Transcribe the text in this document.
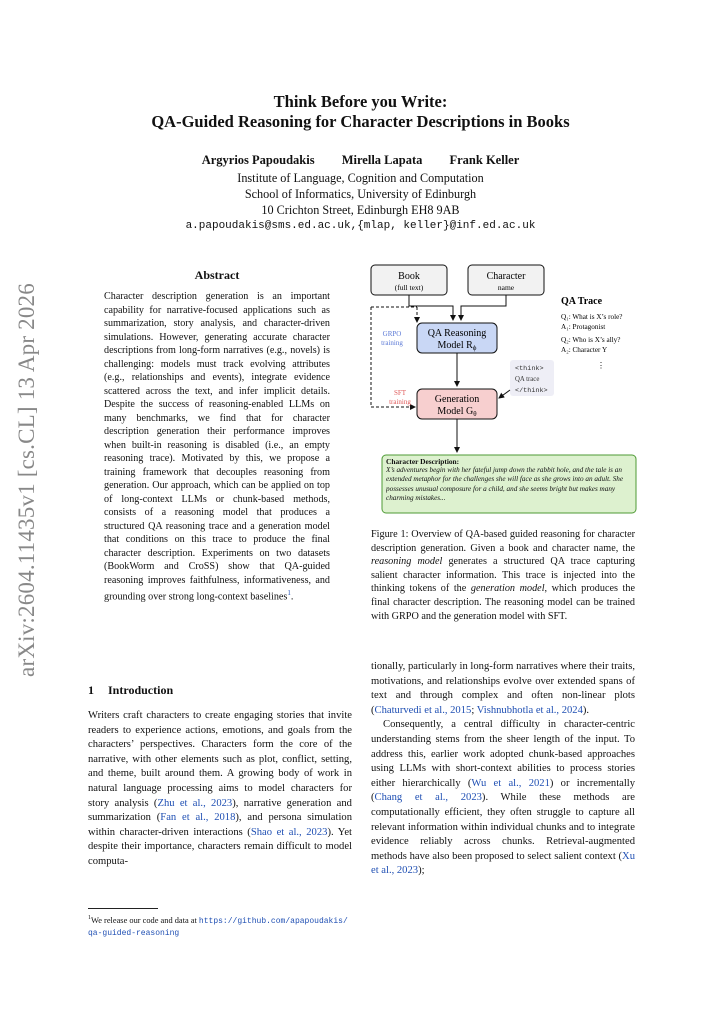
arXiv:2604.11435v1 [cs.CL] 13 Apr 2026
Think Before you Write:
QA-Guided Reasoning for Character Descriptions in Books
Argyrios Papoudakis Mirella Lapata Frank Keller
Institute of Language, Cognition and Computation
School of Informatics, University of Edinburgh
10 Crichton Street, Edinburgh EH8 9AB
a.papoudakis@sms.ed.ac.uk,{mlap, keller}@inf.ed.ac.uk
Abstract
Character description generation is an important capability for narrative-focused applications such as summarization, story analysis, and character-driven simulations. However, generating accurate character descriptions from long-form narratives (e.g., novels) is challenging: models must track evolving attributes (e.g., relationships and events), integrate evidence scattered across the text, and infer implicit details. Despite the success of reasoning-enabled LLMs on many benchmarks, we find that for character description generation their performance improves when built-in reasoning is disabled (i.e., an empty reasoning trace). Motivated by this, we propose a training framework that decouples reasoning from generation. Our approach, which can be applied on top of long-context LLMs or chunk-based methods, consists of a reasoning model that produces a structured QA reasoning trace and a generation model that conditions on this trace to produce the final character description. Experiments on two datasets (BookWorm and CroSS) show that QA-guided reasoning improves faithfulness, informativeness, and grounding over strong long-context baselines$^1$.
1 Introduction
Writers craft characters to create engaging stories that invite readers to experience actions, emotions, and goals from the characters’ perspectives. Characters form the core of the narrative, with other elements such as plot, conflict, setting, and theme, built around them. A growing body of work in natural language processing aims to model characters for story analysis (Zhu et al., 2023), narrative generation and summarization (Fan et al., 2018), and persona simulation within character-driven interactions (Shao et al., 2023). Yet despite their importance, characters remain difficult to model computa-
$^1$We release our code and data at https://github.com/apapoudakis/qa-guided-reasoning

tionally, particularly in long-form narratives where their traits, motivations, and relationships evolve over extended spans of text and through complex and often non-linear plots (Chaturvedi et al., 2015; Vishnubhotla et al., 2024).

Consequently, a central difficulty in character-centric understanding stems from the sheer length of the input. To address this, earlier work adopted chunk-based approaches using LLMs with short-context abilities to process stories either hierarchically (Wu et al., 2021) or incrementally (Chang et al., 2023). While these methods are computationally efficient, they often struggle to capture all relevant information within individual chunks and to integrate evidence reliably across chunks. Retrieval-augmented methods have also been proposed to select salient context (Xu et al., 2023);

Figure 1: Overview of QA-based guided reasoning for character description generation. Given a book and character name, the reasoning model generates a structured QA trace capturing salient character information. This trace is injected into the thinking tokens of the generation model, which produces the final character description. The reasoning model can be trained with GRPO and the generation model with SFT.
Book
(full text)
Character
name
GRPO
training
QA Reasoning
Model $R_\phi$
QA Trace
Q₁: What is X’s role?
A₁: Protagonist
Q₂: Who is X’s ally?
A₂: Character Y
⋮
<think>
QA trace
</think>
SFT
training Generation
Model $G_\theta$
Character Description:
X’s adventures begin with her fateful jump down the rabbit hole, and the tale is an extended metaphor for the challenges she will face as she grows into an adult. She possesses unusual composure for a child, and she seems bright but makes many charming mistakes...
